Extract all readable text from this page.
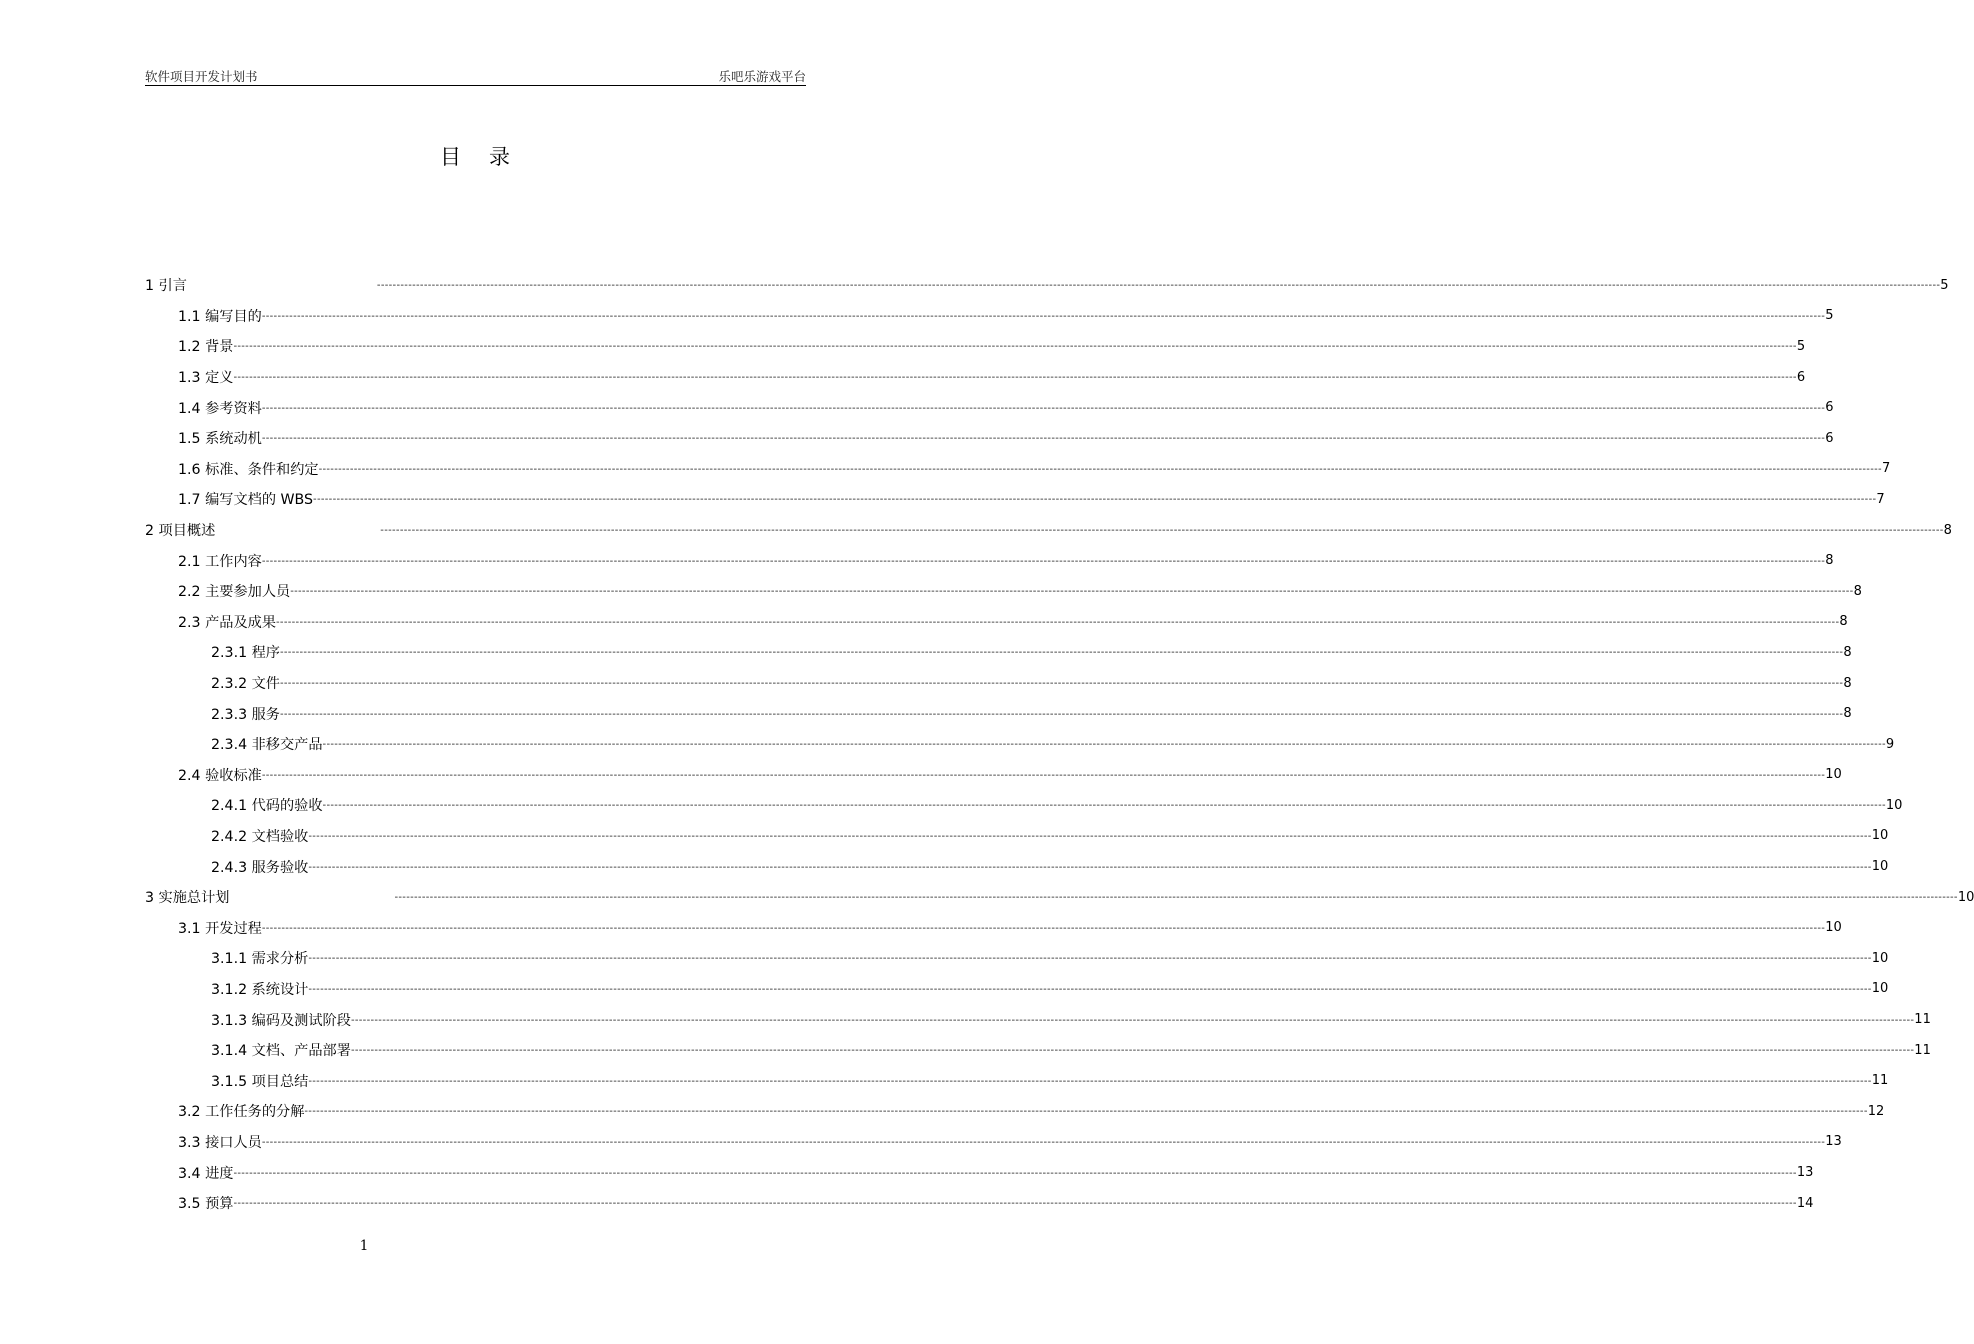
软件项目开发计划书	乐吧乐游戏平台
目录
1 引言	---------------------------------------------------------------------------------------------------------------------------------------------------------------------------------------------------------------------------------------------------------------------------------------------------------------------------------------------------------------------------------------------------------------- 5
1.1 编写目的 ---------------------------------------------------------------------------------------------------------------------------------------------------------------------------------------------------------------------------------------------------------------------------------------------------------------------------------------------------------------------------------------------------------------- 5
1.2 背景 ---------------------------------------------------------------------------------------------------------------------------------------------------------------------------------------------------------------------------------------------------------------------------------------------------------------------------------------------------------------------------------------------------------------- 5
1.3 定义 ---------------------------------------------------------------------------------------------------------------------------------------------------------------------------------------------------------------------------------------------------------------------------------------------------------------------------------------------------------------------------------------------------------------- 6
1.4 参考资料 ---------------------------------------------------------------------------------------------------------------------------------------------------------------------------------------------------------------------------------------------------------------------------------------------------------------------------------------------------------------------------------------------------------------- 6
1.5 系统动机 ---------------------------------------------------------------------------------------------------------------------------------------------------------------------------------------------------------------------------------------------------------------------------------------------------------------------------------------------------------------------------------------------------------------- 6
1.6 标准、条件和约定 ---------------------------------------------------------------------------------------------------------------------------------------------------------------------------------------------------------------------------------------------------------------------------------------------------------------------------------------------------------------------------------------------------------------- 7
1.7 编写文档的 WBS ---------------------------------------------------------------------------------------------------------------------------------------------------------------------------------------------------------------------------------------------------------------------------------------------------------------------------------------------------------------------------------------------------------------- 7
2 项目概述	---------------------------------------------------------------------------------------------------------------------------------------------------------------------------------------------------------------------------------------------------------------------------------------------------------------------------------------------------------------------------------------------------------------- 8
2.1 工作内容 ---------------------------------------------------------------------------------------------------------------------------------------------------------------------------------------------------------------------------------------------------------------------------------------------------------------------------------------------------------------------------------------------------------------- 8
2.2 主要参加人员 ---------------------------------------------------------------------------------------------------------------------------------------------------------------------------------------------------------------------------------------------------------------------------------------------------------------------------------------------------------------------------------------------------------------- 8
2.3 产品及成果 ---------------------------------------------------------------------------------------------------------------------------------------------------------------------------------------------------------------------------------------------------------------------------------------------------------------------------------------------------------------------------------------------------------------- 8
2.3.1 程序 ---------------------------------------------------------------------------------------------------------------------------------------------------------------------------------------------------------------------------------------------------------------------------------------------------------------------------------------------------------------------------------------------------------------- 8
2.3.2 文件 ---------------------------------------------------------------------------------------------------------------------------------------------------------------------------------------------------------------------------------------------------------------------------------------------------------------------------------------------------------------------------------------------------------------- 8
2.3.3 服务 ---------------------------------------------------------------------------------------------------------------------------------------------------------------------------------------------------------------------------------------------------------------------------------------------------------------------------------------------------------------------------------------------------------------- 8
2.3.4 非移交产品 ---------------------------------------------------------------------------------------------------------------------------------------------------------------------------------------------------------------------------------------------------------------------------------------------------------------------------------------------------------------------------------------------------------------- 9
2.4 验收标准 ---------------------------------------------------------------------------------------------------------------------------------------------------------------------------------------------------------------------------------------------------------------------------------------------------------------------------------------------------------------------------------------------------------------- 10
2.4.1 代码的验收 ---------------------------------------------------------------------------------------------------------------------------------------------------------------------------------------------------------------------------------------------------------------------------------------------------------------------------------------------------------------------------------------------------------------- 10
2.4.2 文档验收 ---------------------------------------------------------------------------------------------------------------------------------------------------------------------------------------------------------------------------------------------------------------------------------------------------------------------------------------------------------------------------------------------------------------- 10
2.4.3 服务验收 ---------------------------------------------------------------------------------------------------------------------------------------------------------------------------------------------------------------------------------------------------------------------------------------------------------------------------------------------------------------------------------------------------------------- 10
3 实施总计划	---------------------------------------------------------------------------------------------------------------------------------------------------------------------------------------------------------------------------------------------------------------------------------------------------------------------------------------------------------------------------------------------------------------- 10
3.1 开发过程 ---------------------------------------------------------------------------------------------------------------------------------------------------------------------------------------------------------------------------------------------------------------------------------------------------------------------------------------------------------------------------------------------------------------- 10
3.1.1 需求分析 ---------------------------------------------------------------------------------------------------------------------------------------------------------------------------------------------------------------------------------------------------------------------------------------------------------------------------------------------------------------------------------------------------------------- 10
3.1.2 系统设计 ---------------------------------------------------------------------------------------------------------------------------------------------------------------------------------------------------------------------------------------------------------------------------------------------------------------------------------------------------------------------------------------------------------------- 10
3.1.3 编码及测试阶段 ---------------------------------------------------------------------------------------------------------------------------------------------------------------------------------------------------------------------------------------------------------------------------------------------------------------------------------------------------------------------------------------------------------------- 11
3.1.4 文档、产品部署 ---------------------------------------------------------------------------------------------------------------------------------------------------------------------------------------------------------------------------------------------------------------------------------------------------------------------------------------------------------------------------------------------------------------- 11
3.1.5 项目总结 ---------------------------------------------------------------------------------------------------------------------------------------------------------------------------------------------------------------------------------------------------------------------------------------------------------------------------------------------------------------------------------------------------------------- 11
3.2 工作任务的分解 ---------------------------------------------------------------------------------------------------------------------------------------------------------------------------------------------------------------------------------------------------------------------------------------------------------------------------------------------------------------------------------------------------------------- 12
3.3 接口人员 ---------------------------------------------------------------------------------------------------------------------------------------------------------------------------------------------------------------------------------------------------------------------------------------------------------------------------------------------------------------------------------------------------------------- 13
3.4 进度 ---------------------------------------------------------------------------------------------------------------------------------------------------------------------------------------------------------------------------------------------------------------------------------------------------------------------------------------------------------------------------------------------------------------- 13
3.5 预算 ---------------------------------------------------------------------------------------------------------------------------------------------------------------------------------------------------------------------------------------------------------------------------------------------------------------------------------------------------------------------------------------------------------------- 14
1
